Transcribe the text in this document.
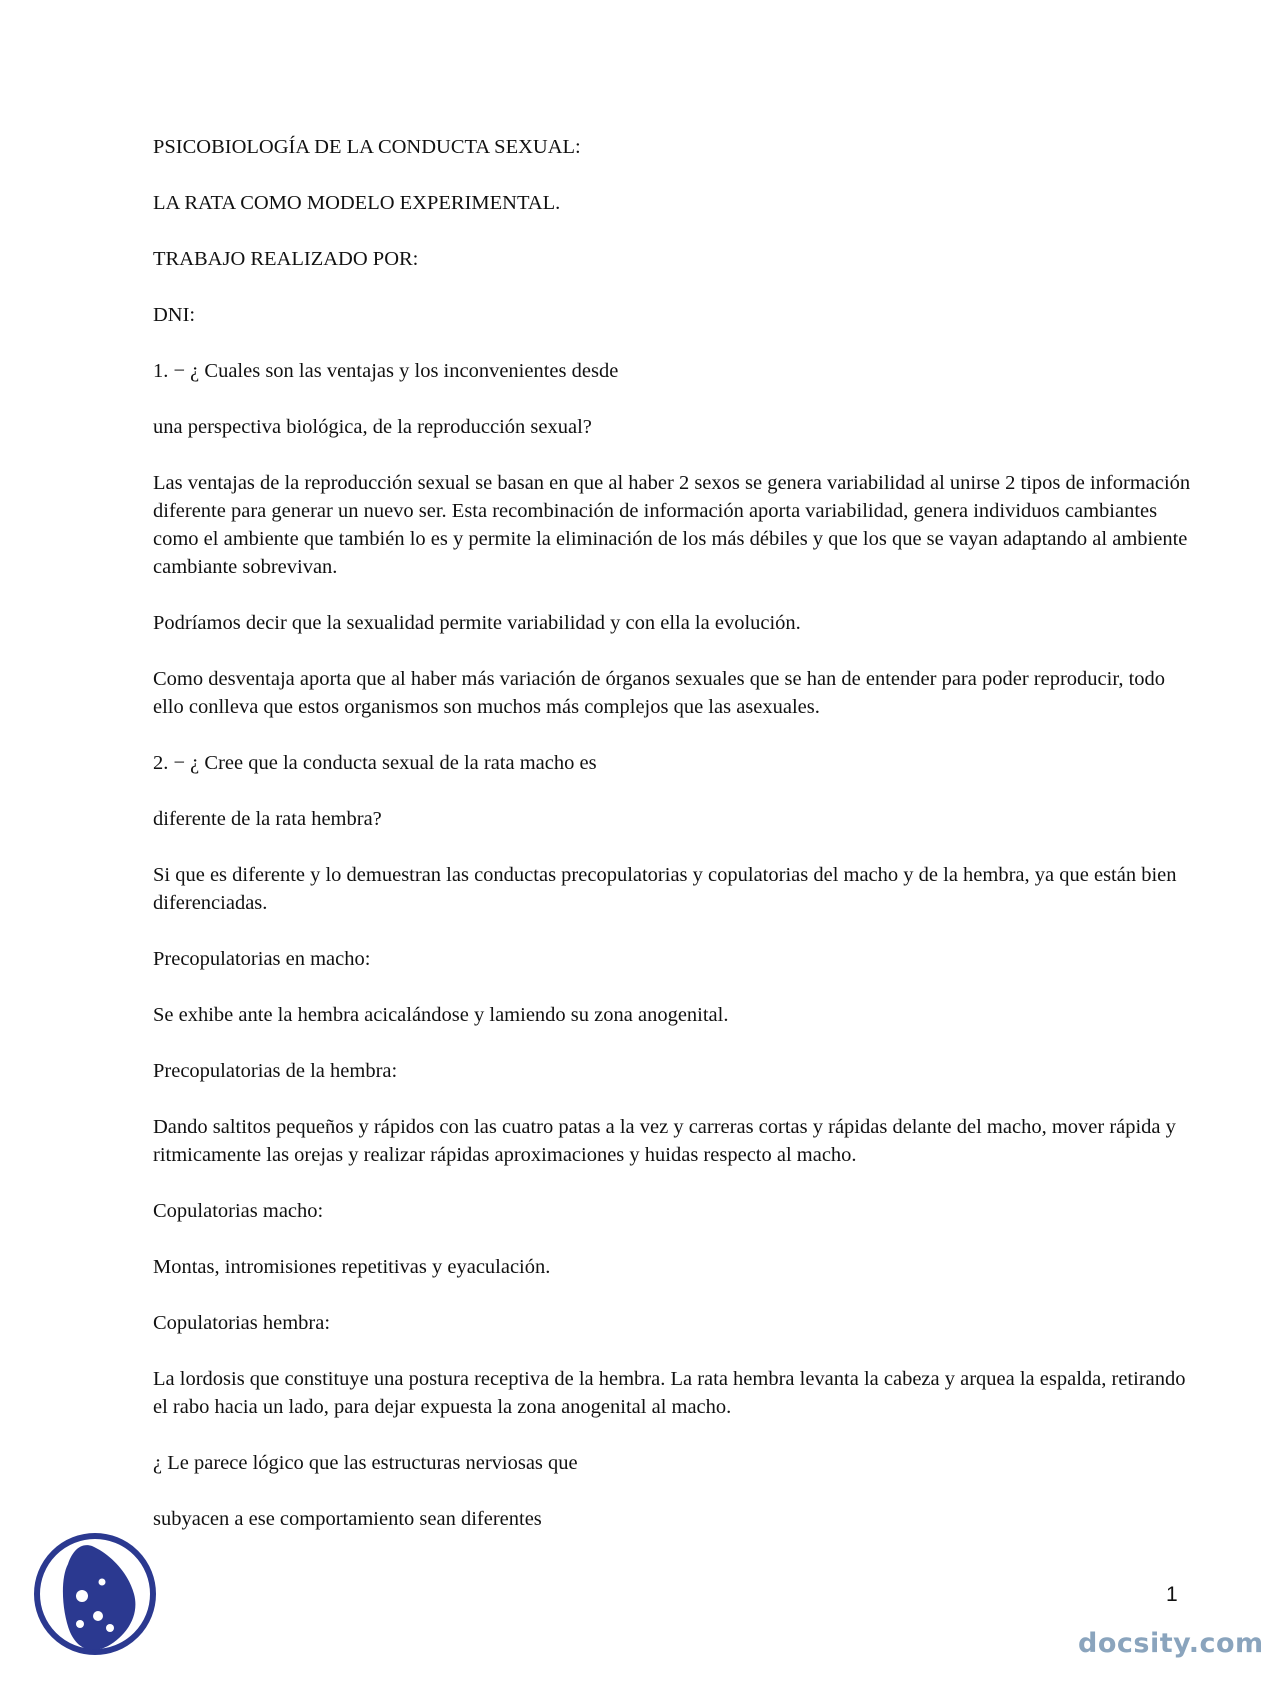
PSICOBIOLOGÍA DE LA CONDUCTA SEXUAL:

LA RATA COMO MODELO EXPERIMENTAL.

TRABAJO REALIZADO POR:

DNI:

1. − ¿ Cuales son las ventajas y los inconvenientes desde

una perspectiva biológica, de la reproducción sexual?

Las ventajas de la reproducción sexual se basan en que al haber 2 sexos se genera variabilidad al unirse 2 tipos de información diferente para generar un nuevo ser. Esta recombinación de información aporta variabilidad, genera individuos cambiantes como el ambiente que también lo es y permite la eliminación de los más débiles y que los que se vayan adaptando al ambiente cambiante sobrevivan.

Podríamos decir que la sexualidad permite variabilidad y con ella la evolución.

Como desventaja aporta que al haber más variación de órganos sexuales que se han de entender para poder reproducir, todo ello conlleva que estos organismos son muchos más complejos que las asexuales.

2. − ¿ Cree que la conducta sexual de la rata macho es

diferente de la rata hembra?

Si que es diferente y lo demuestran las conductas precopulatorias y copulatorias del macho y de la hembra, ya que están bien diferenciadas.

Precopulatorias en macho:

Se exhibe ante la hembra acicalándose y lamiendo su zona anogenital.

Precopulatorias de la hembra:

Dando saltitos pequeños y rápidos con las cuatro patas a la vez y carreras cortas y rápidas delante del macho, mover rápida y ritmicamente las orejas y realizar rápidas aproximaciones y huidas respecto al macho.

Copulatorias macho:

Montas, intromisiones repetitivas y eyaculación.

Copulatorias hembra:

La lordosis que constituye una postura receptiva de la hembra. La rata hembra levanta la cabeza y arquea la espalda, retirando el rabo hacia un lado, para dejar expuesta la zona anogenital al macho.

¿ Le parece lógico que las estructuras nerviosas que

subyacen a ese comportamiento sean diferentes

1
docsity.com
